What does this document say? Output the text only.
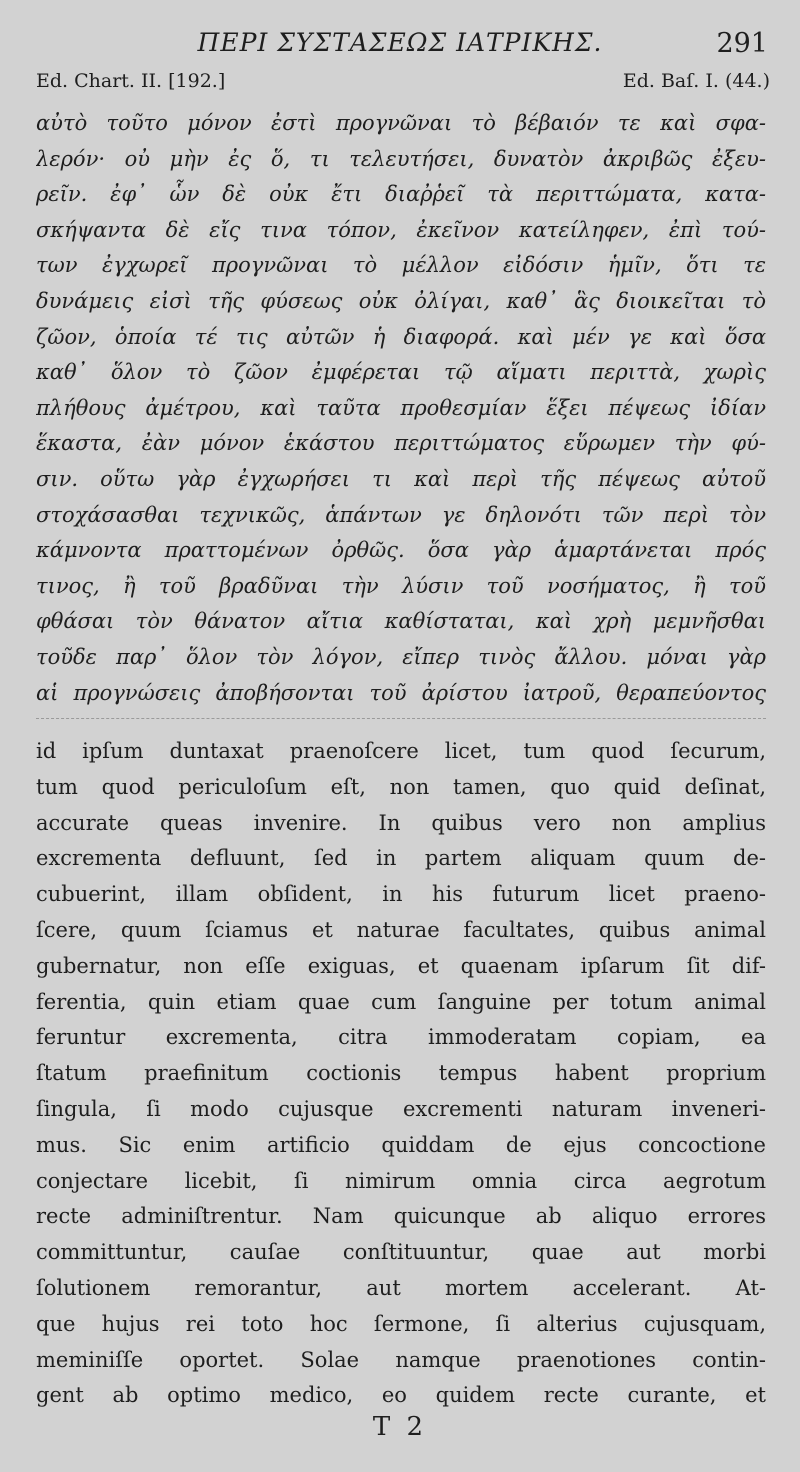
ΠΕΡΙ ΣΥΣΤΑΣΕΩΣ ΙΑΤΡΙΚΗΣ.	291
Ed. Chart. II. [192.]	Ed. Baſ. I. (44.)
αὐτὸ τοῦτο μόνον ἐστὶ προγνῶναι τὸ βέβαιόν τε καὶ σφα-
λερόν· οὐ μὴν ἐς ὅ, τι τελευτήσει, δυνατὸν ἀκριβῶς ἐξευ-
ρεῖν. ἐφ᾽ ὧν δὲ οὐκ ἔτι διαῤῥεῖ τὰ περιττώματα, κατα-
σκήψαντα δὲ εἴς τινα τόπον, ἐκεῖνον κατείληφεν, ἐπὶ τού-
των ἐγχωρεῖ προγνῶναι τὸ μέλλον εἰδόσιν ἡμῖν, ὅτι τε
δυνάμεις εἰσὶ τῆς φύσεως οὐκ ὀλίγαι, καθ᾽ ἃς διοικεῖται τὸ
ζῶον, ὁποία τέ τις αὐτῶν ἡ διαφορά. καὶ μέν γε καὶ ὅσα
καθ᾽ ὅλον τὸ ζῶον ἐμφέρεται τῷ αἵματι περιττὰ, χωρὶς
πλήθους ἀμέτρου, καὶ ταῦτα προθεσμίαν ἕξει πέψεως ἰδίαν
ἕκαστα, ἐὰν μόνον ἑκάστου περιττώματος εὕρωμεν τὴν φύ-
σιν. οὕτω γὰρ ἐγχωρήσει τι καὶ περὶ τῆς πέψεως αὐτοῦ
στοχάσασθαι τεχνικῶς, ἁπάντων γε δηλονότι τῶν περὶ τὸν
κάμνοντα πραττομένων ὀρθῶς. ὅσα γὰρ ἁμαρτάνεται πρός
τινος, ἢ τοῦ βραδῦναι τὴν λύσιν τοῦ νοσήματος, ἢ τοῦ
φθάσαι τὸν θάνατον αἴτια καθίσταται, καὶ χρὴ μεμνῆσθαι
τοῦδε παρ᾽ ὅλον τὸν λόγον, εἴπερ τινὸς ἄλλου. μόναι γὰρ
αἱ προγνώσεις ἀποβήσονται τοῦ ἀρίστου ἰατροῦ, θεραπεύοντος
id ipſum duntaxat praenoſcere licet, tum quod ſecurum,
tum quod periculoſum eſt, non tamen, quo quid deſinat,
accurate queas invenire. In quibus vero non amplius
excrementa defluunt, ſed in partem aliquam quum de-
cubuerint, illam obſident, in his futurum licet praeno-
ſcere, quum ſciamus et naturae facultates, quibus animal
gubernatur, non eſſe exiguas, et quaenam ipſarum ſit dif-
ferentia, quin etiam quae cum ſanguine per totum animal
feruntur excrementa, citra immoderatam copiam, ea
ſtatum praefinitum coctionis tempus habent proprium
ſingula, ſi modo cujusque excrementi naturam inveneri-
mus. Sic enim artificio quiddam de ejus concoctione
conjectare licebit, ſi nimirum omnia circa aegrotum
recte adminiſtrentur. Nam quicunque ab aliquo errores
committuntur, cauſae conſtituuntur, quae aut morbi
ſolutionem remorantur, aut mortem accelerant. At-
que hujus rei toto hoc ſermone, ſi alterius cujusquam,
meminiſſe oportet. Solae namque praenotiones contin-
gent ab optimo medico, eo quidem recte curante, et
T 2
